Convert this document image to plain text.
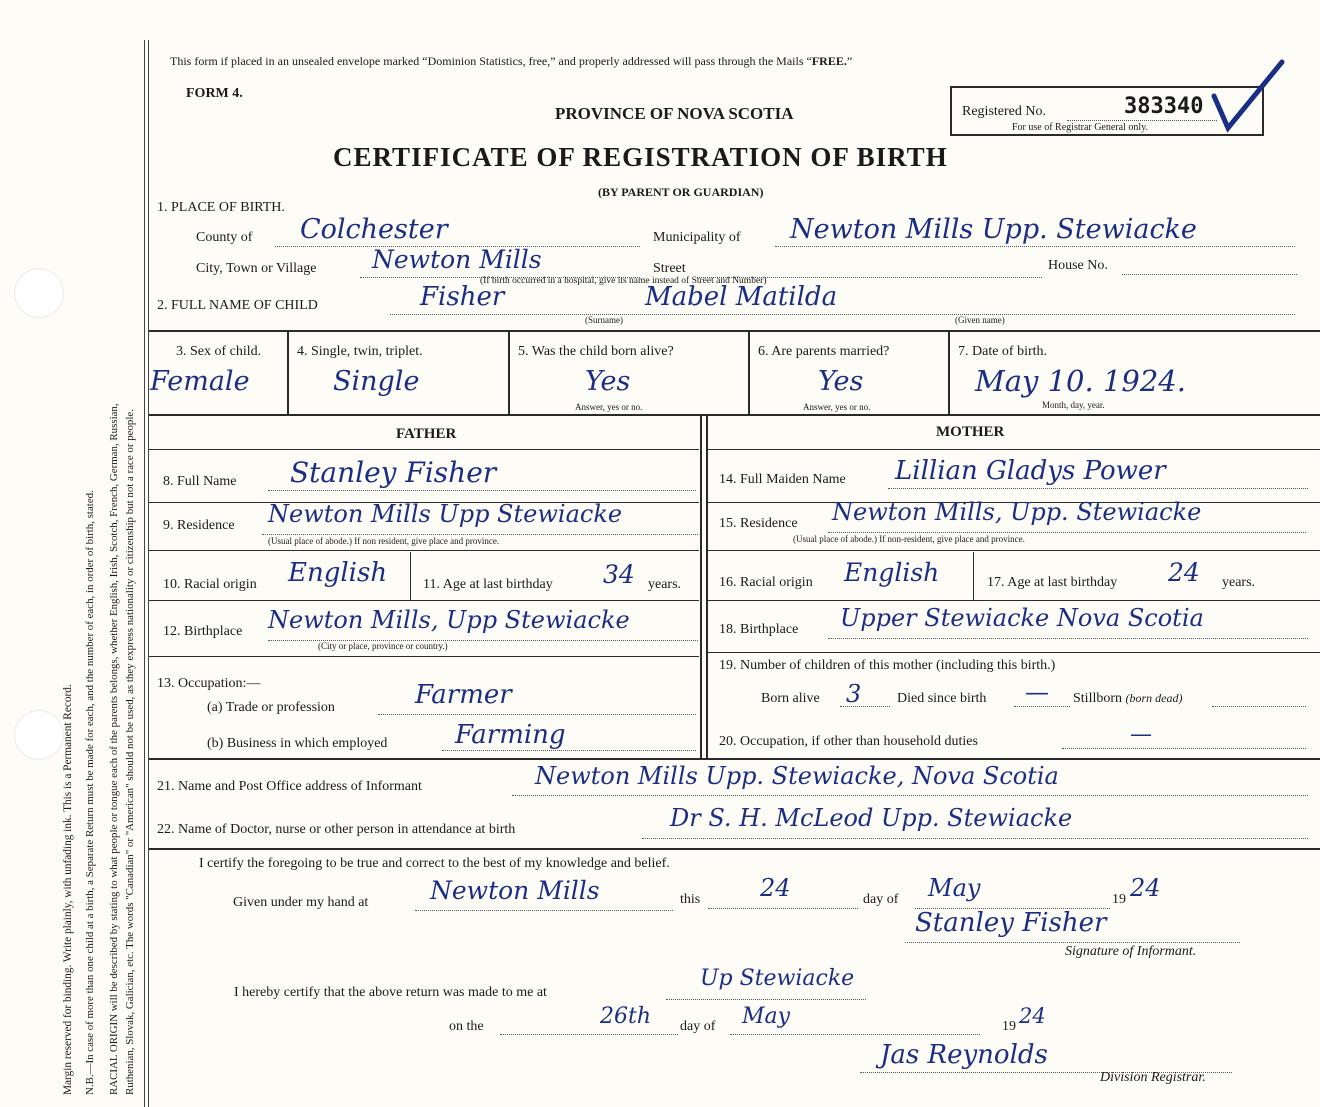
Margin reserved for binding. Write plainly, with unfading ink. This is a Permanent Record. N.B.—In case of more than one child at a birth, a Separate Return must be made for each, and the number of each, in order of birth, stated. RACIAL ORIGIN will be described by stating to what people or tongue each of the parents belongs, whether English, Irish, Scotch, French, German, Russian, Ruthenian, Slovak, Galician, etc. The words "Canadian" or "American" should not be used, as they express nationality or citizenship but not a race or people.
This form if placed in an unsealed envelope marked “Dominion Statistics, free,” and properly addressed will pass through the Mails “FREE.”
FORM 4.
PROVINCE OF NOVA SCOTIA	Registered No.	383340
For use of Registrar General only.
CERTIFICATE OF REGISTRATION OF BIRTH
(BY PARENT OR GUARDIAN)
1. PLACE OF BIRTH.
County of Colchester	Municipality of Newton Mills Upp. Stewiacke
City, Town or Village Newton Mills	Street
(If birth occurred in a hospital, give its name instead of Street and Number)
House No.
2. FULL NAME OF CHILD	Fisher	Mabel Matilda
(Surname)	(Given name)
3. Sex of child.
Female
4. Single, twin, triplet.
Single
5. Was the child born alive?
Yes
Answer, yes or no.
6. Are parents married?
Yes
Answer, yes or no.
7. Date of birth.
May 10. 1924.
Month, day, year.
FATHER	MOTHER
8. Full Name Stanley Fisher
9. Residence Newton Mills Upp Stewiacke
(Usual place of abode.) If non resident, give place and province.
10. Racial origin English	11. Age at last birthday 34 years.
12. Birthplace Newton Mills, Upp Stewiacke
(City or place, province or country.)
13. Occupation:—
(a) Trade or profession	Farmer
(b) Business in which employed	Farming
14. Full Maiden Name Lillian Gladys Power
15. Residence Newton Mills, Upp. Stewiacke
(Usual place of abode.) If non-resident, give place and province.
16. Racial origin English	17. Age at last birthday 24 years.
18. Birthplace Upper Stewiacke Nova Scotia
19. Number of children of this mother (including this birth.)
Born alive 3	Died since birth — Stillborn (born dead)
20. Occupation, if other than household duties	—
21. Name and Post Office address of Informant	Newton Mills Upp. Stewiacke, Nova Scotia
22. Name of Doctor, nurse or other person in attendance at birth	Dr S. H. McLeod Upp. Stewiacke
I certify the foregoing to be true and correct to the best of my knowledge and belief.
Given under my hand at Newton Mills	this 24	day of May	19 24
Stanley Fisher
Signature of Informant.
I hereby certify that the above return was made to me at
Up Stewiacke
on the	26th day of May	19 24
Jas Reynolds
Division Registrar.
